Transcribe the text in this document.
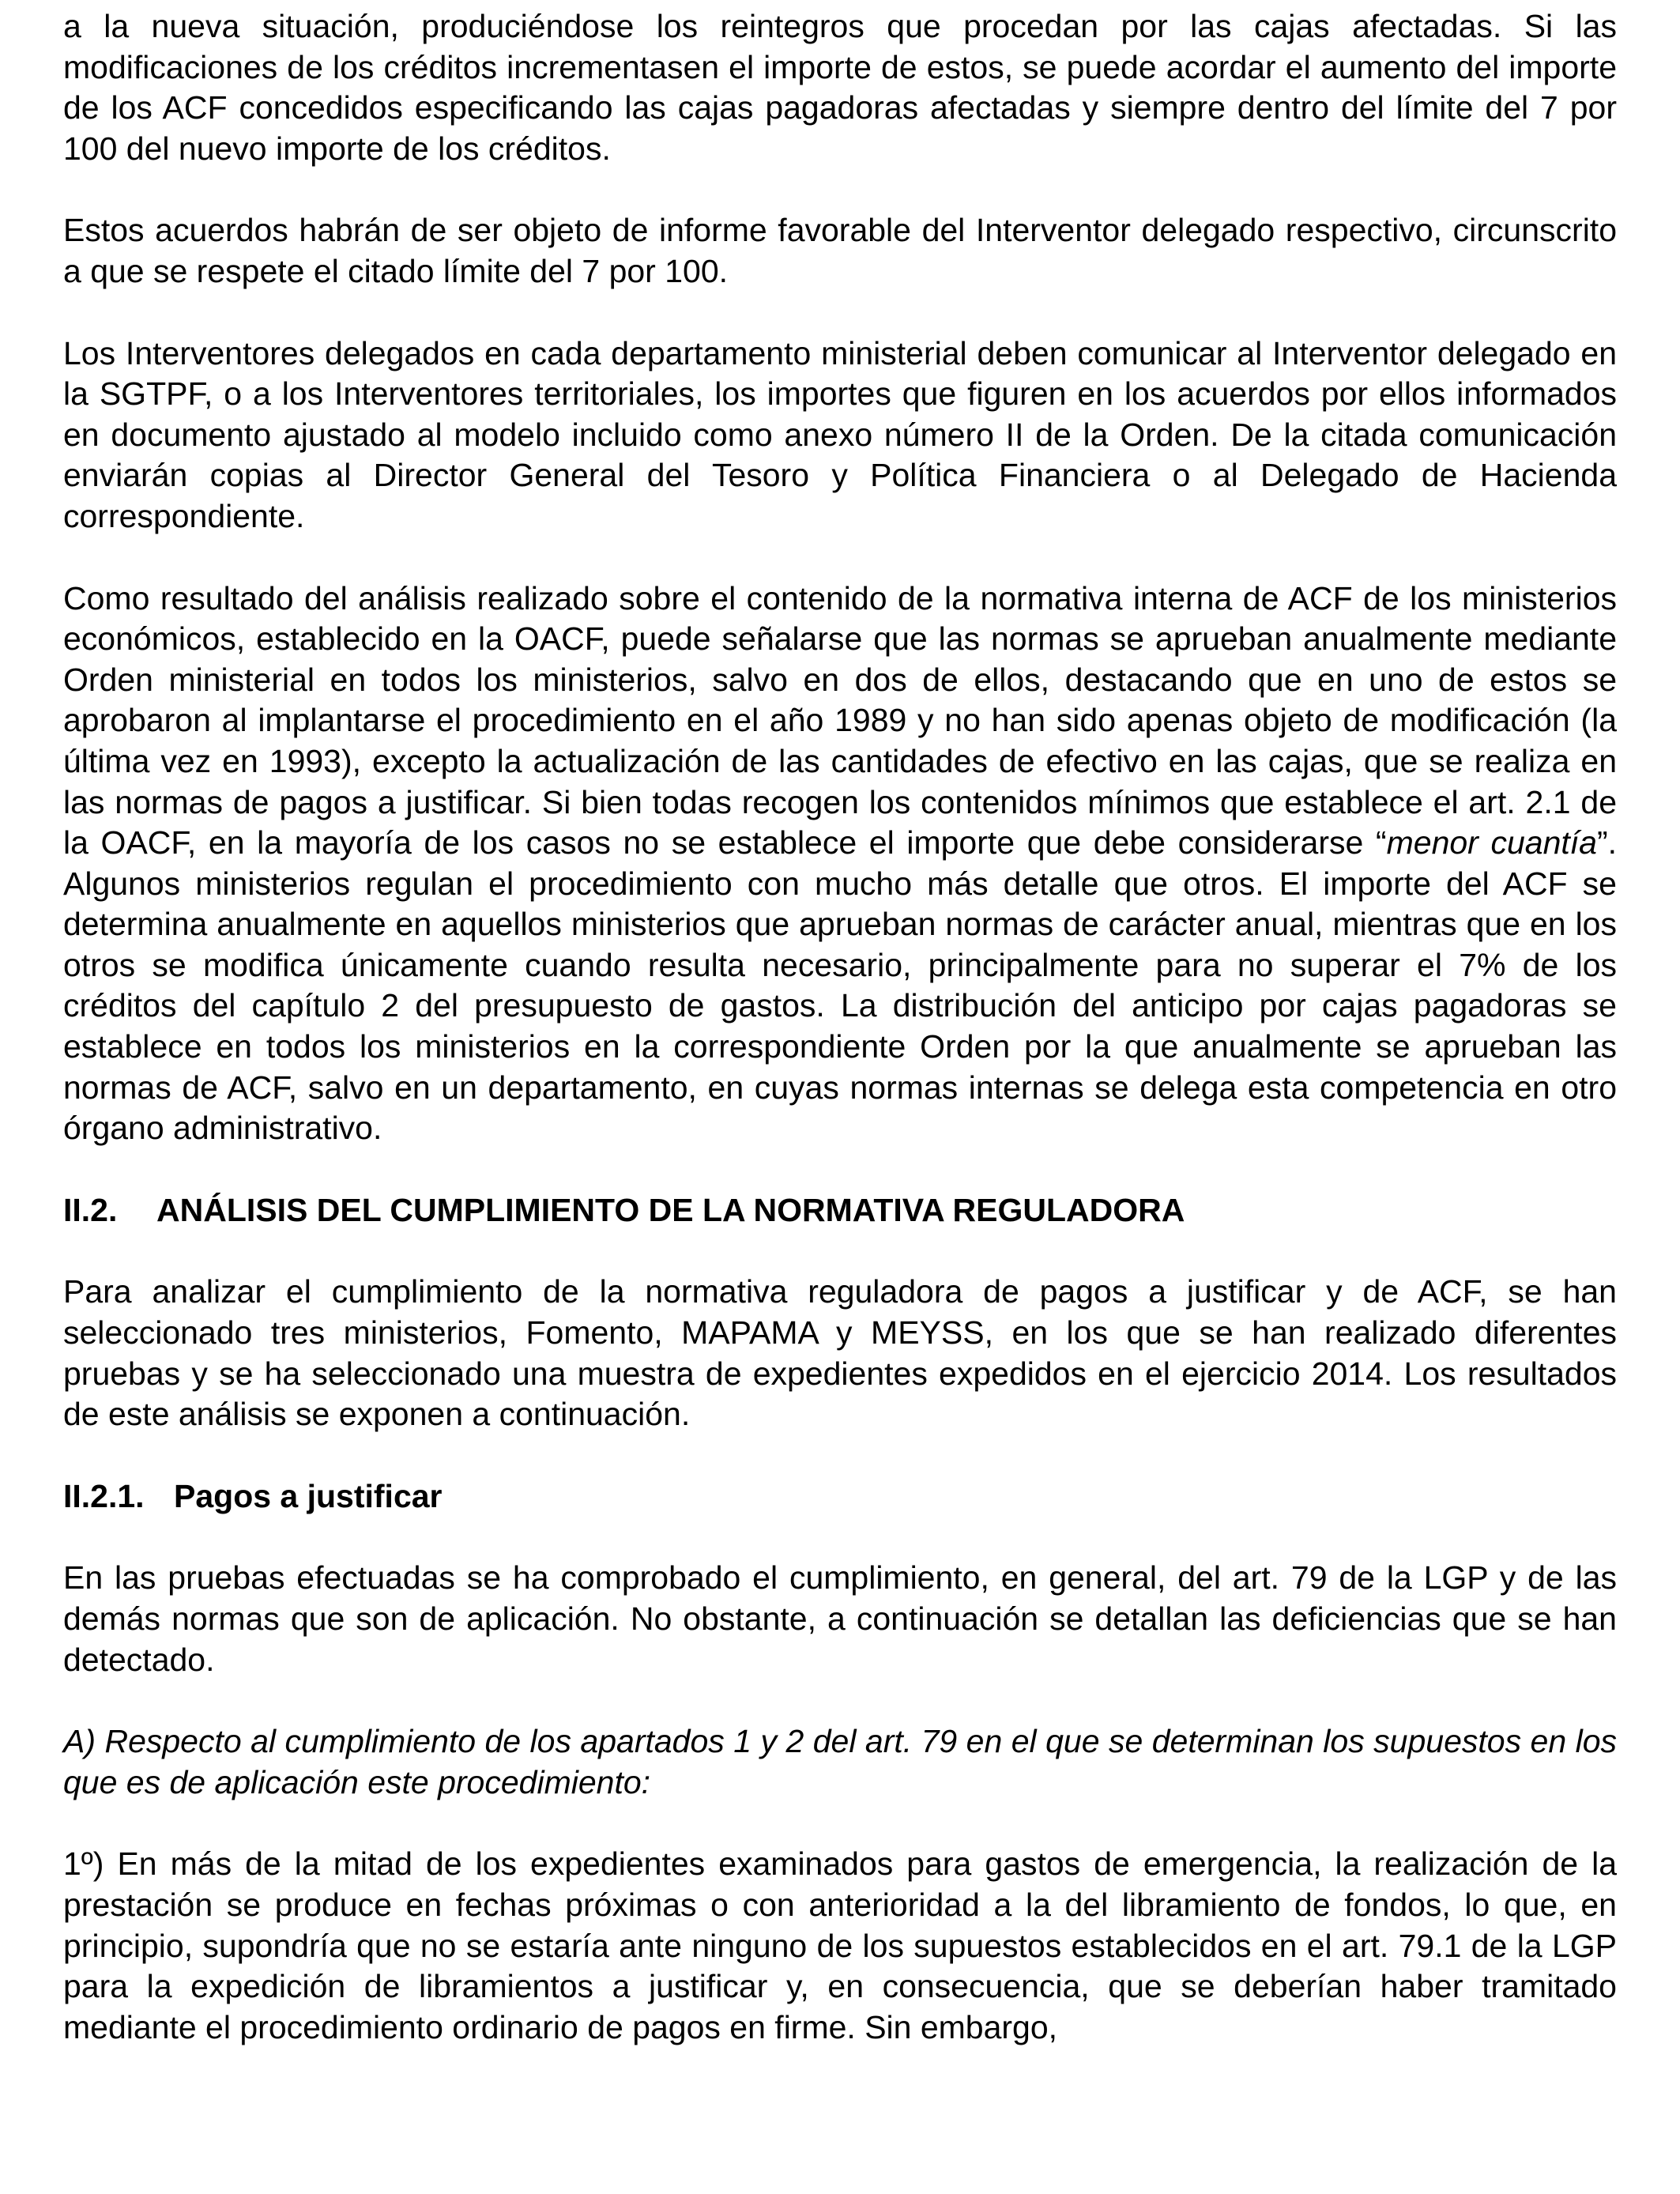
a la nueva situación, produciéndose los reintegros que procedan por las cajas afectadas. Si las modificaciones de los créditos incrementasen el importe de estos, se puede acordar el aumento del importe de los ACF concedidos especificando las cajas pagadoras afectadas y siempre dentro del límite del 7 por 100 del nuevo importe de los créditos.

Estos acuerdos habrán de ser objeto de informe favorable del Interventor delegado respectivo, circunscrito a que se respete el citado límite del 7 por 100.

Los Interventores delegados en cada departamento ministerial deben comunicar al Interventor delegado en la SGTPF, o a los Interventores territoriales, los importes que figuren en los acuerdos por ellos informados en documento ajustado al modelo incluido como anexo número II de la Orden. De la citada comunicación enviarán copias al Director General del Tesoro y Política Financiera o al Delegado de Hacienda correspondiente.

Como resultado del análisis realizado sobre el contenido de la normativa interna de ACF de los ministerios económicos, establecido en la OACF, puede señalarse que las normas se aprueban anualmente mediante Orden ministerial en todos los ministerios, salvo en dos de ellos, destacando que en uno de estos se aprobaron al implantarse el procedimiento en el año 1989 y no han sido apenas objeto de modificación (la última vez en 1993), excepto la actualización de las cantidades de efectivo en las cajas, que se realiza en las normas de pagos a justificar. Si bien todas recogen los contenidos mínimos que establece el art. 2.1 de la OACF, en la mayoría de los casos no se establece el importe que debe considerarse “menor cuantía”. Algunos ministerios regulan el procedimiento con mucho más detalle que otros. El importe del ACF se determina anualmente en aquellos ministerios que aprueban normas de carácter anual, mientras que en los otros se modifica únicamente cuando resulta necesario, principalmente para no superar el 7% de los créditos del capítulo 2 del presupuesto de gastos. La distribución del anticipo por cajas pagadoras se establece en todos los ministerios en la correspondiente Orden por la que anualmente se aprueban las normas de ACF, salvo en un departamento, en cuyas normas internas se delega esta competencia en otro órgano administrativo.

II.2.	ANÁLISIS DEL CUMPLIMIENTO DE LA NORMATIVA REGULADORA

Para analizar el cumplimiento de la normativa reguladora de pagos a justificar y de ACF, se han seleccionado tres ministerios, Fomento, MAPAMA y MEYSS, en los que se han realizado diferentes pruebas y se ha seleccionado una muestra de expedientes expedidos en el ejercicio 2014. Los resultados de este análisis se exponen a continuación.

II.2.1. Pagos a justificar

En las pruebas efectuadas se ha comprobado el cumplimiento, en general, del art. 79 de la LGP y de las demás normas que son de aplicación. No obstante, a continuación se detallan las deficiencias que se han detectado.

A) Respecto al cumplimiento de los apartados 1 y 2 del art. 79 en el que se determinan los supuestos en los que es de aplicación este procedimiento:

1º) En más de la mitad de los expedientes examinados para gastos de emergencia, la realización de la prestación se produce en fechas próximas o con anterioridad a la del libramiento de fondos, lo que, en principio, supondría que no se estaría ante ninguno de los supuestos establecidos en el art. 79.1 de la LGP para la expedición de libramientos a justificar y, en consecuencia, que se deberían haber tramitado mediante el procedimiento ordinario de pagos en firme. Sin embargo,
